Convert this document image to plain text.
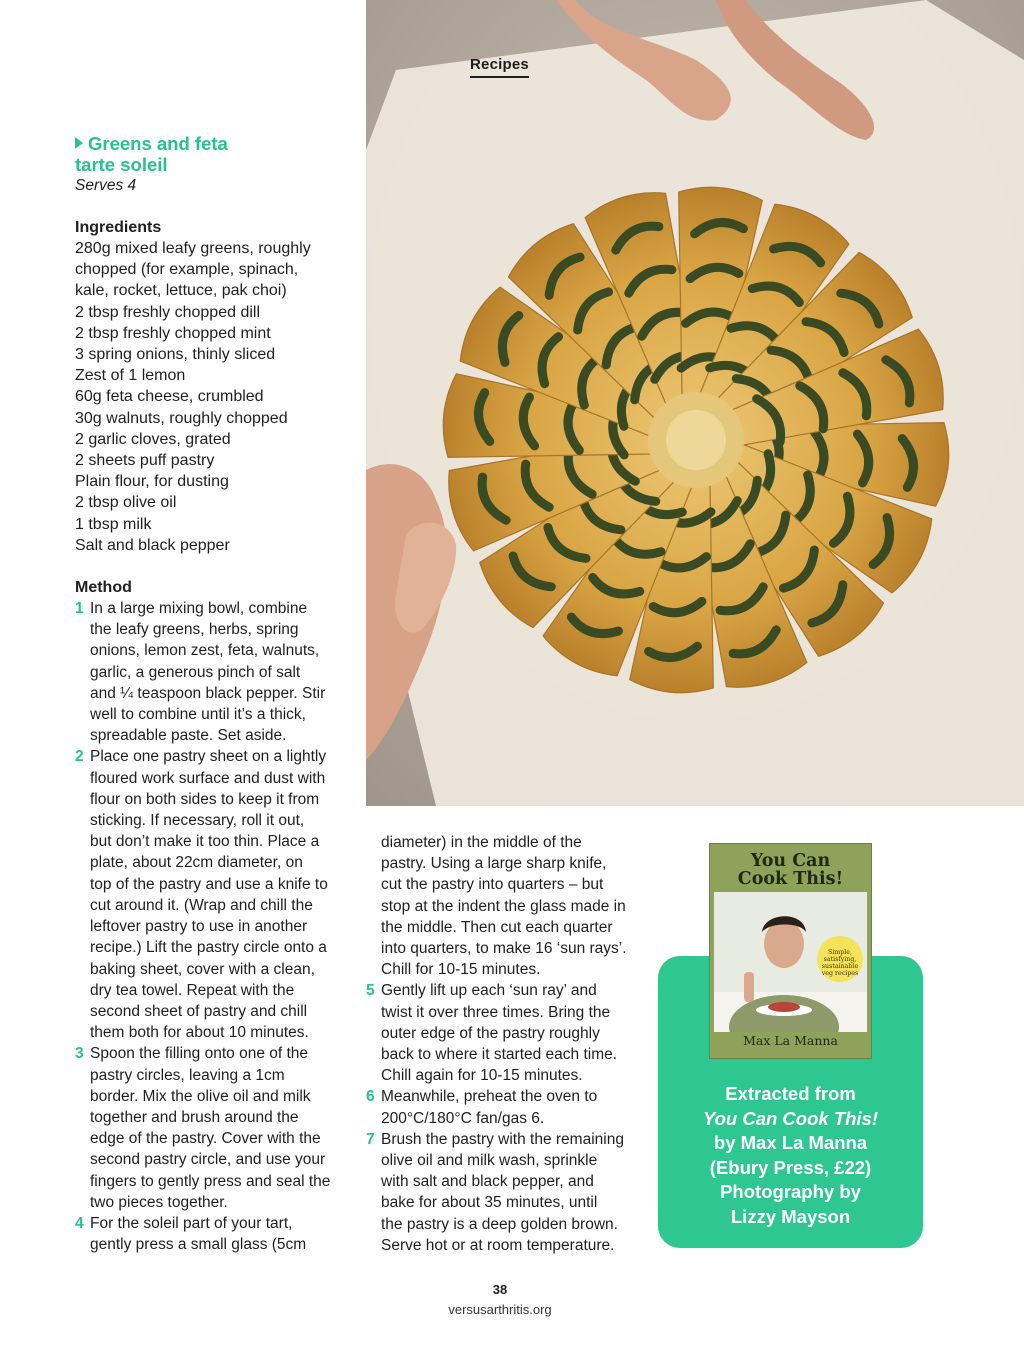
Recipes
Greens and feta
tarte soleil
Serves 4
Ingredients
280g mixed leafy greens, roughly
chopped (for example, spinach,
kale, rocket, lettuce, pak choi)
2 tbsp freshly chopped dill
2 tbsp freshly chopped mint
3 spring onions, thinly sliced
Zest of 1 lemon
60g feta cheese, crumbled
30g walnuts, roughly chopped
2 garlic cloves, grated
2 sheets puff pastry
Plain flour, for dusting
2 tbsp olive oil
1 tbsp milk
Salt and black pepper
Method
1 In a large mixing bowl, combine
the leafy greens, herbs, spring
onions, lemon zest, feta, walnuts,
garlic, a generous pinch of salt
and ¼ teaspoon black pepper. Stir
well to combine until it’s a thick,
spreadable paste. Set aside.
2 Place one pastry sheet on a lightly
floured work surface and dust with
flour on both sides to keep it from
sticking. If necessary, roll it out,
but don’t make it too thin. Place a
plate, about 22cm diameter, on
top of the pastry and use a knife to
cut around it. (Wrap and chill the
leftover pastry to use in another
recipe.) Lift the pastry circle onto a
baking sheet, cover with a clean,
dry tea towel. Repeat with the
second sheet of pastry and chill
them both for about 10 minutes.
3 Spoon the filling onto one of the
pastry circles, leaving a 1cm
border. Mix the olive oil and milk
together and brush around the
edge of the pastry. Cover with the
second pastry circle, and use your
fingers to gently press and seal the
two pieces together.
4 For the soleil part of your tart,
gently press a small glass (5cm
diameter) in the middle of the
pastry. Using a large sharp knife,
cut the pastry into quarters – but
stop at the indent the glass made in
the middle. Then cut each quarter
into quarters, to make 16 ‘sun rays’.
Chill for 10-15 minutes.
5 Gently lift up each ‘sun ray’ and
twist it over three times. Bring the
outer edge of the pastry roughly
back to where it started each time.
Chill again for 10-15 minutes.
6 Meanwhile, preheat the oven to
200°C/180°C fan/gas 6.
7 Brush the pastry with the remaining
olive oil and milk wash, sprinkle
with salt and black pepper, and
bake for about 35 minutes, until
the pastry is a deep golden brown.
Serve hot or at room temperature.
You Can
Cook This!
Simple,
satisfying,
sustainable
veg recipes
Max La Manna
Extracted from
You Can Cook This!
by Max La Manna
(Ebury Press, £22)
Photography by
Lizzy Mayson
38
versusarthritis.org
